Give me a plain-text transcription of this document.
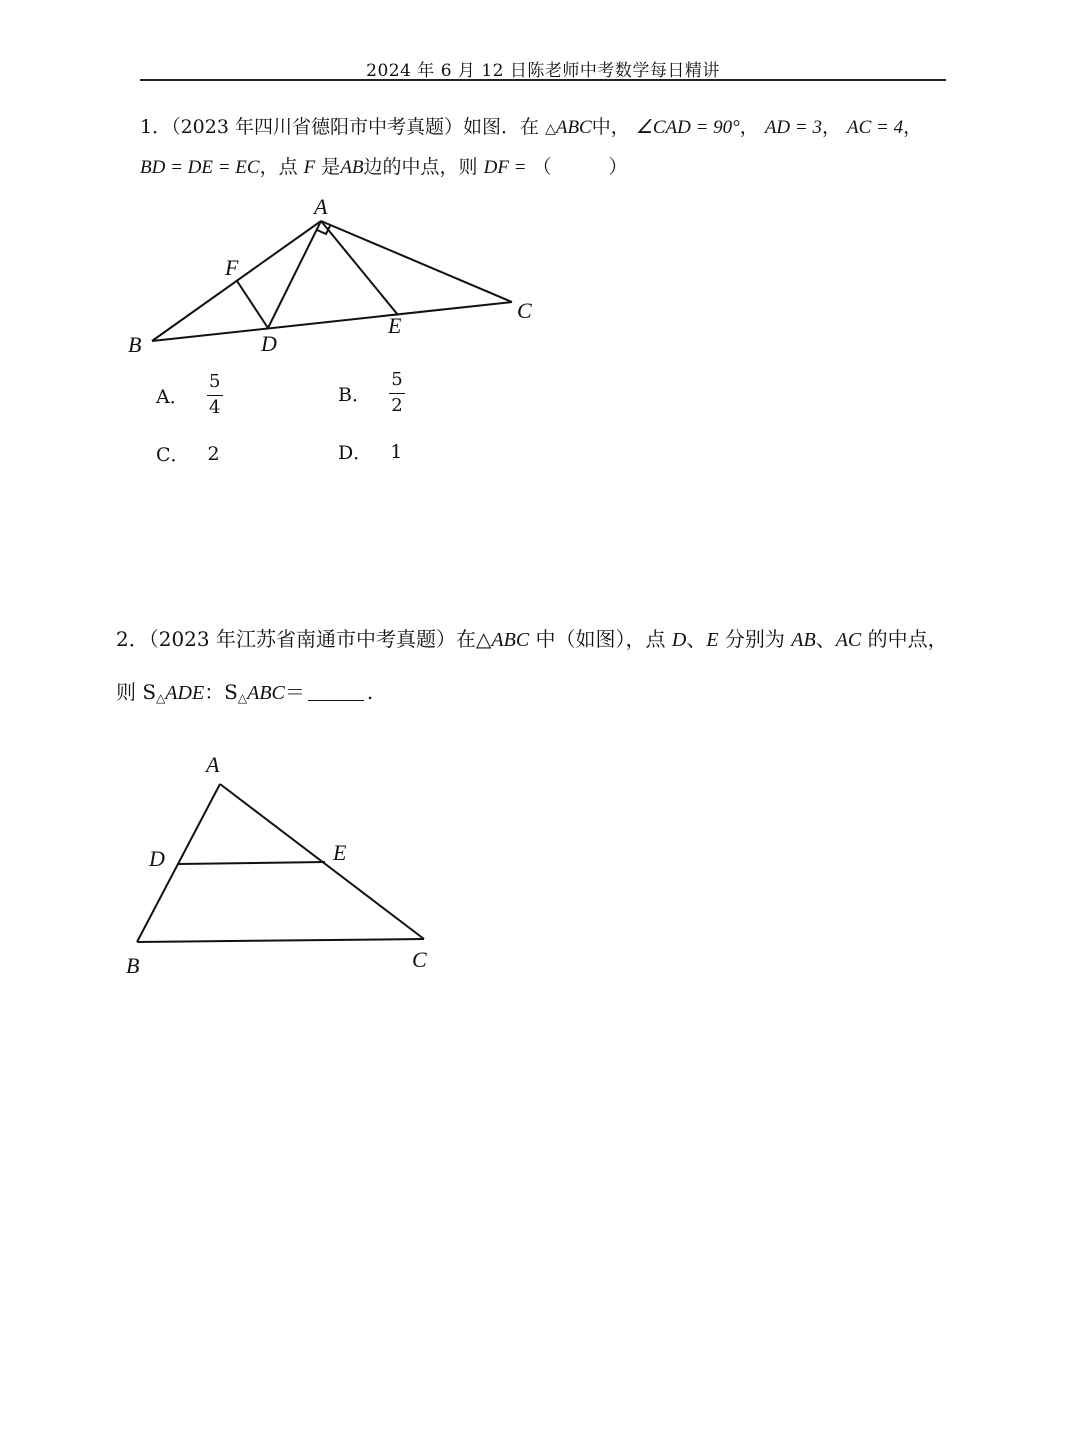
2024 年 6 月 12 日陈老师中考数学每日精讲
1．（2023 年四川省德阳市中考真题）如图．在 △ABC中， ∠CAD = 90°， AD = 3， AC = 4，
BD = DE = EC，点 F 是AB边的中点，则 DF = （　　　）
A
B
C
D
E
F
A． $\frac{5}{4}$	B． $\frac{5}{2}$
C． 2	D． 1
2．（2023 年江苏省南通市中考真题）在△ABC 中（如图），点 D、E 分别为 AB、AC 的中点，
则 S△ADE：S△ABC＝	.
A
B	C
D	E
